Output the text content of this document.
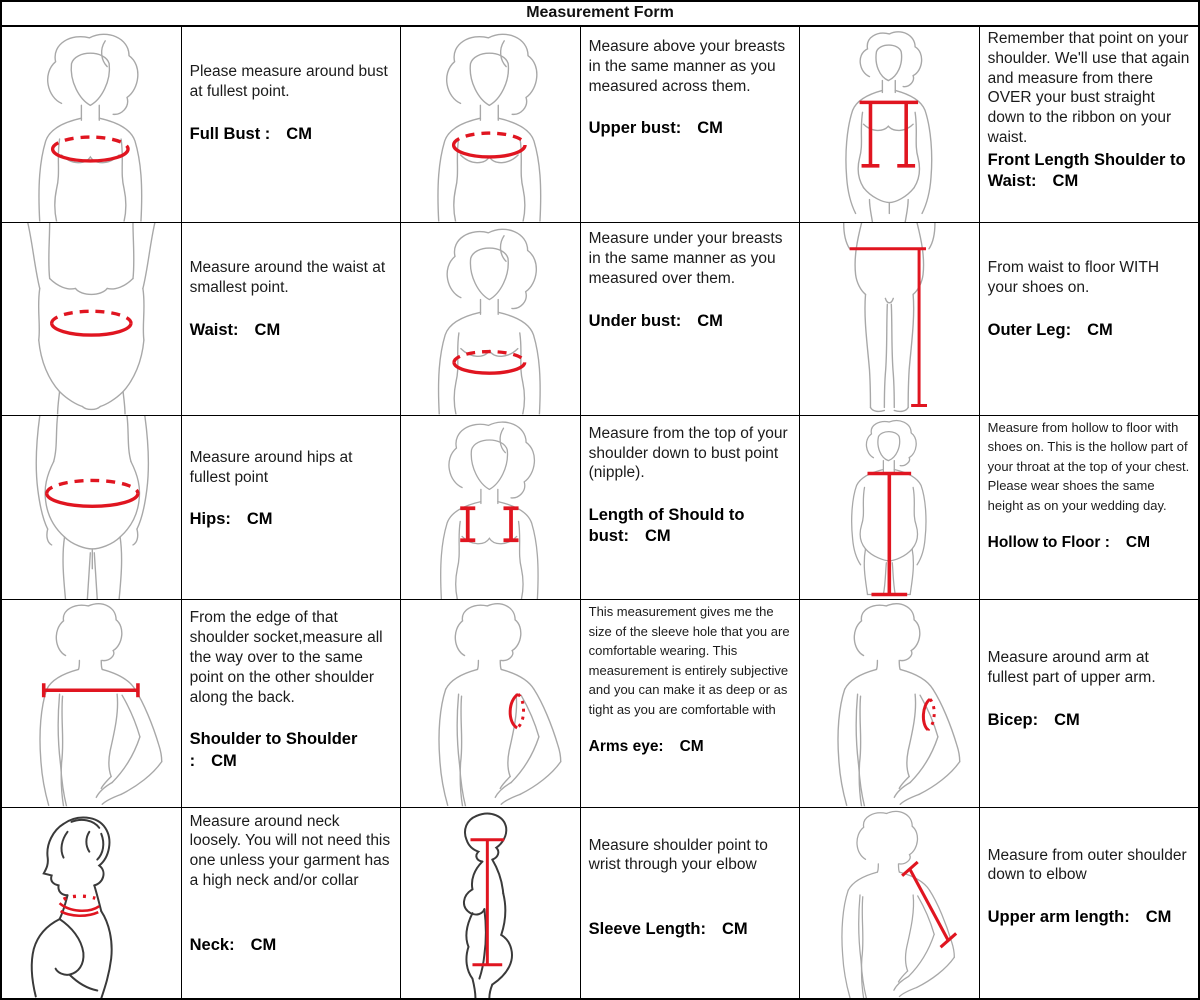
Measurement Form

Please measure around bust at fullest point.

Full Bust : CM

Measure above your breasts in the same manner as you measured across them.

Upper bust: CM

Remember that point on your shoulder. We'll use that again and measure from there OVER your bust straight down to the ribbon on your waist.

Front Length Shoulder to Waist: CM

Measure around the waist at smallest point.

Waist: CM

Measure under your breasts in the same manner as you measured over them.

Under bust: CM

From waist to floor WITH your shoes on.

Outer Leg: CM

Measure around hips at fullest point

Hips: CM

Measure from the top of your shoulder down to bust point (nipple).

Length of Should to bust: CM

Measure from hollow to floor with shoes on. This is the hollow part of your throat at the top of your chest. Please wear shoes the same height as on your wedding day.

Hollow to Floor : CM

From the edge of that shoulder socket,measure all the way over to the same point on the other shoulder along the back.

Shoulder to Shoulder : CM

This measurement gives me the size of the sleeve hole that you are comfortable wearing. This measurement is entirely subjective and you can make it as deep or as tight as you are comfortable with

Arms eye: CM

Measure around arm at fullest part of upper arm.

Bicep: CM

Measure around neck loosely. You will not need this one unless your garment has a high neck and/or collar

Neck: CM

Measure shoulder point to wrist through your elbow

Sleeve Length: CM

Measure from outer shoulder down to elbow

Upper arm length: CM
